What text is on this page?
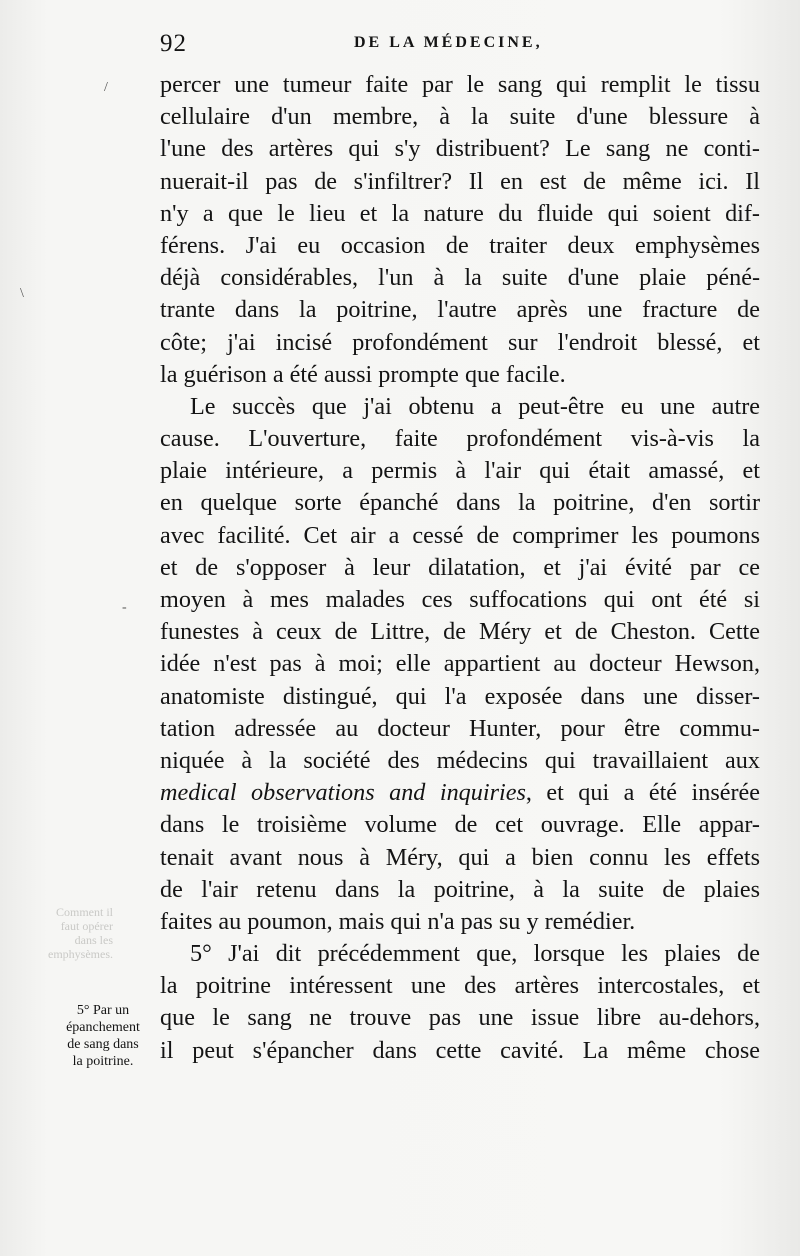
92	DE LA MÉDECINE,
Comment il
faut opérer
dans les
emphysèmes.
/
\
-
percer une tumeur faite par le sang qui remplit le tissu
cellulaire d'un membre, à la suite d'une blessure à
l'une des artères qui s'y distribuent? Le sang ne conti-
nuerait-il pas de s'infiltrer? Il en est de même ici. Il
n'y a que le lieu et la nature du fluide qui soient dif-
férens. J'ai eu occasion de traiter deux emphysèmes
déjà considérables, l'un à la suite d'une plaie péné-
trante dans la poitrine, l'autre après une fracture de
côte; j'ai incisé profondément sur l'endroit blessé, et
la guérison a été aussi prompte que facile.
Le succès que j'ai obtenu a peut-être eu une autre
cause. L'ouverture, faite profondément vis-à-vis la
plaie intérieure, a permis à l'air qui était amassé, et
en quelque sorte épanché dans la poitrine, d'en sortir
avec facilité. Cet air a cessé de comprimer les poumons
et de s'opposer à leur dilatation, et j'ai évité par ce
moyen à mes malades ces suffocations qui ont été si
funestes à ceux de Littre, de Méry et de Cheston. Cette
idée n'est pas à moi; elle appartient au docteur Hewson,
anatomiste distingué, qui l'a exposée dans une disser-
tation adressée au docteur Hunter, pour être commu-
niquée à la société des médecins qui travaillaient aux
medical observations and inquiries, et qui a été insérée
dans le troisième volume de cet ouvrage. Elle appar-
tenait avant nous à Méry, qui a bien connu les effets
de l'air retenu dans la poitrine, à la suite de plaies
faites au poumon, mais qui n'a pas su y remédier.
5° J'ai dit précédemment que, lorsque les plaies de
la poitrine intéressent une des artères intercostales, et
que le sang ne trouve pas une issue libre au-dehors,
il peut s'épancher dans cette cavité. La même chose
5° Par un
épanchement
de sang dans
la poitrine.
